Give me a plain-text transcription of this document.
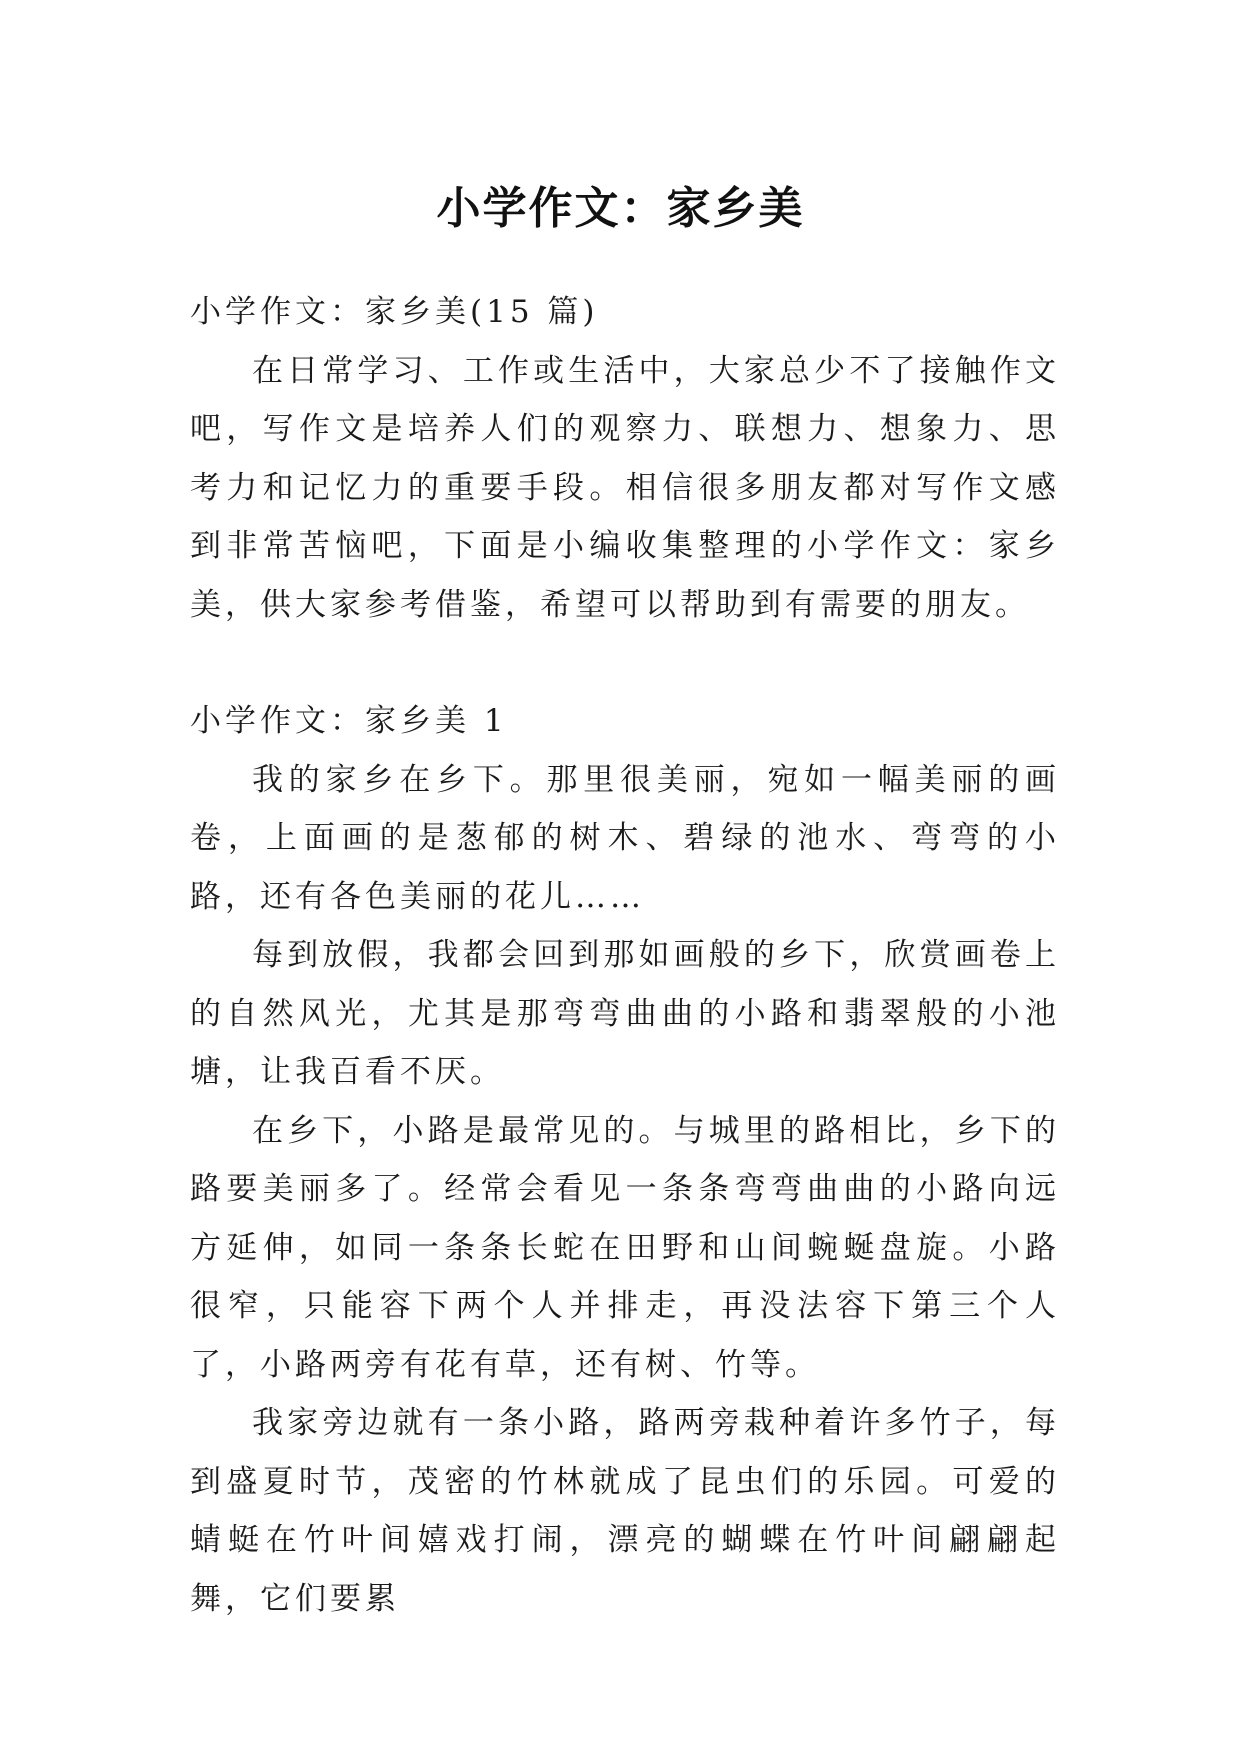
小学作文：家乡美

小学作文：家乡美(15 篇)

在日常学习、工作或生活中，大家总少不了接触作文吧，写作文是培养人们的观察力、联想力、想象力、思考力和记忆力的重要手段。相信很多朋友都对写作文感到非常苦恼吧，下面是小编收集整理的小学作文：家乡美，供大家参考借鉴，希望可以帮助到有需要的朋友。

小学作文：家乡美 1

我的家乡在乡下。那里很美丽，宛如一幅美丽的画卷，上面画的是葱郁的树木、碧绿的池水、弯弯的小路，还有各色美丽的花儿……

每到放假，我都会回到那如画般的乡下，欣赏画卷上的自然风光，尤其是那弯弯曲曲的小路和翡翠般的小池塘，让我百看不厌。

在乡下，小路是最常见的。与城里的路相比，乡下的路要美丽多了。经常会看见一条条弯弯曲曲的小路向远方延伸，如同一条条长蛇在田野和山间蜿蜒盘旋。小路很窄，只能容下两个人并排走，再没法容下第三个人了，小路两旁有花有草，还有树、竹等。

我家旁边就有一条小路，路两旁栽种着许多竹子，每到盛夏时节，茂密的竹林就成了昆虫们的乐园。可爱的蜻蜓在竹叶间嬉戏打闹，漂亮的蝴蝶在竹叶间翩翩起舞，它们要累
